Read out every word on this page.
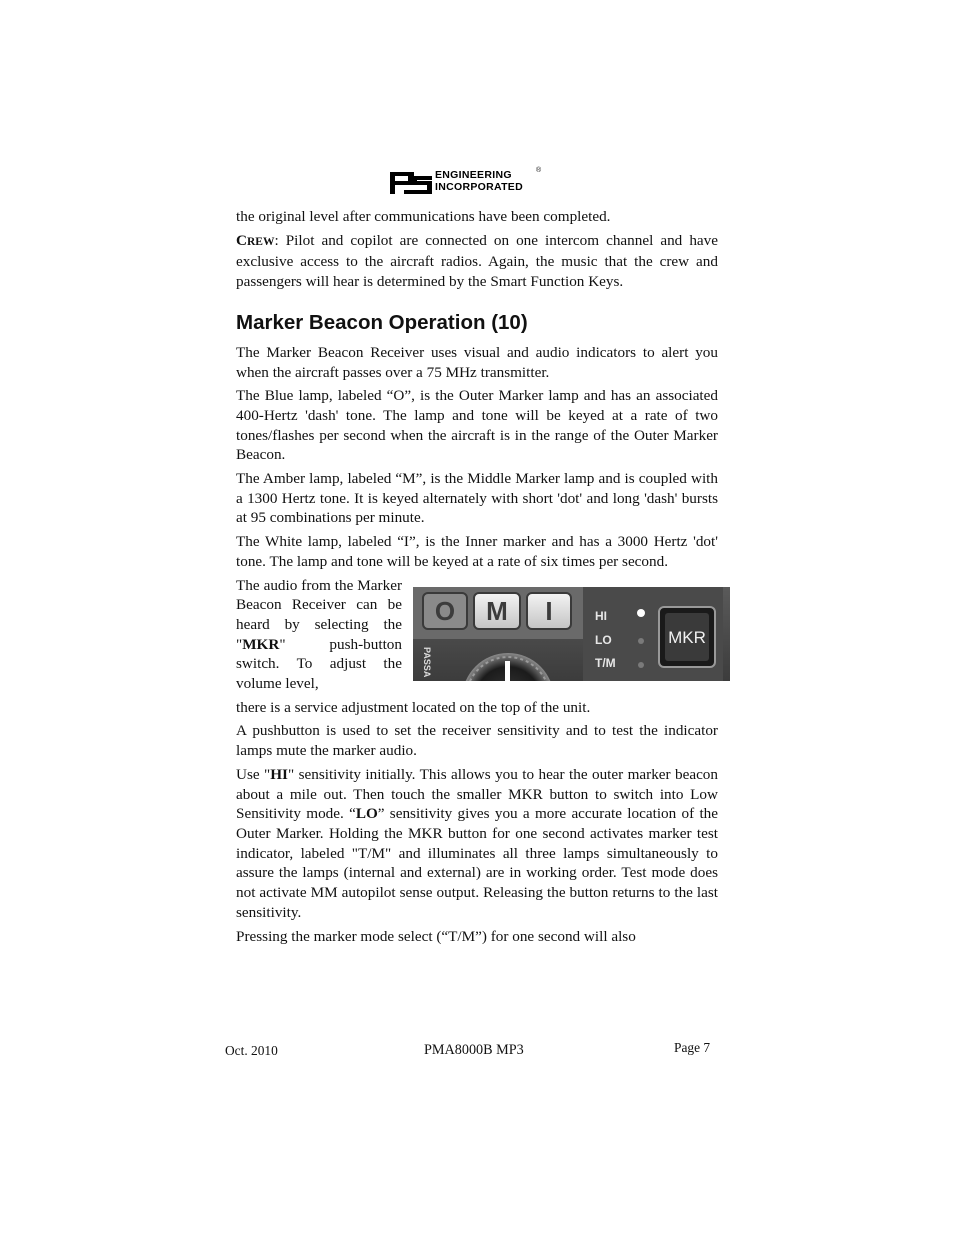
ENGINEERING
INCORPORATED
®

the original level after communications have been completed.

CREW: Pilot and copilot are connected on one intercom channel and have exclusive access to the aircraft radios. Again, the music that the crew and passengers will hear is determined by the Smart Function Keys.

Marker Beacon Operation (10)

The Marker Beacon Receiver uses visual and audio indicators to alert you when the aircraft passes over a 75 MHz transmitter.

The Blue lamp, labeled “O”, is the Outer Marker lamp and has an associated 400-Hertz 'dash' tone. The lamp and tone will be keyed at a rate of two tones/flashes per second when the aircraft is in the range of the Outer Marker Beacon.

The Amber lamp, labeled “M”, is the Middle Marker lamp and is coupled with a 1300 Hertz tone. It is keyed alternately with short 'dot' and long 'dash' bursts at 95 combinations per minute.

The White lamp, labeled “I”, is the Inner marker and has a 3000 Hertz 'dot' tone. The lamp and tone will be keyed at a rate of six times per second.

The audio from the Marker Beacon Receiver can be heard by selecting the "MKR" push-button switch. To adjust the volume level,

O M I
PASSA
HI
LO
T/M
MKR

there is a service adjustment located on the top of the unit.

A pushbutton is used to set the receiver sensitivity and to test the indicator lamps mute the marker audio.

Use "HI" sensitivity initially. This allows you to hear the outer marker beacon about a mile out. Then touch the smaller MKR button to switch into Low Sensitivity mode. “LO” sensitivity gives you a more accurate location of the Outer Marker. Holding the MKR button for one second activates marker test indicator, labeled "T/M" and illuminates all three lamps simultaneously to assure the lamps (internal and external) are in working order. Test mode does not activate MM autopilot sense output. Releasing the button returns to the last sensitivity.

Pressing the marker mode select (“T/M”) for one second will also

Oct. 2010	PMA8000B MP3	Page 7
